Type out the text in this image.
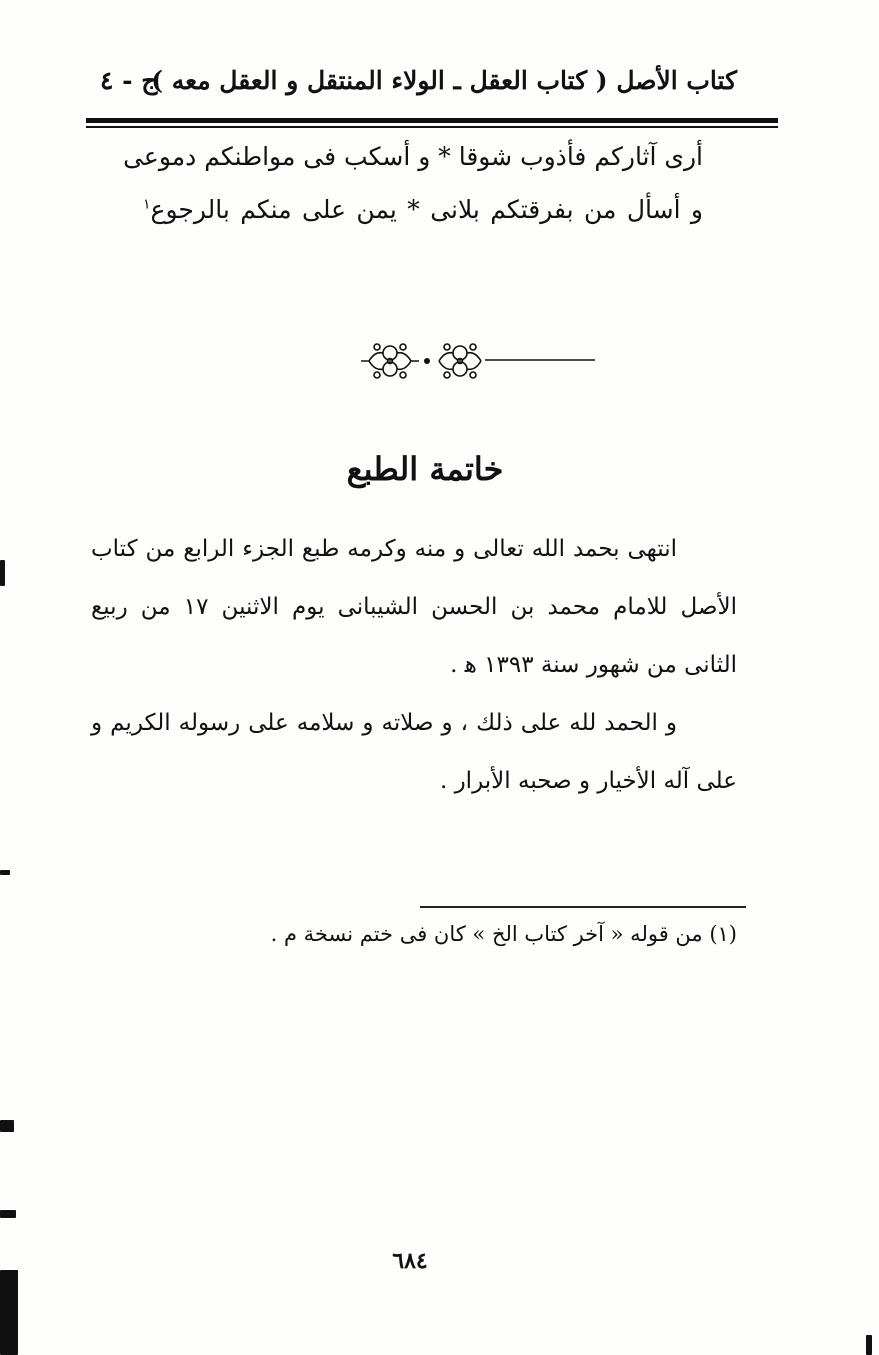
كتاب الأصل ( كتاب العقل ـ الولاء المنتقل و العقل معه )
ج - ٤
أرى آثاركم فأذوب شوقا * و أسكب فى مواطنكم دموعى
و أسأل من بفرقتكم بلانى * يمن على منكم بالرجوع$^١$
خاتمة الطبع
انتهى بحمد الله تعالى و منه وكرمه طبع الجزء الرابع من كتاب الأصل للامام محمد بن الحسن الشيبانى يوم الاثنين ١٧ من ربيع الثانى من شهور سنة ١٣٩٣ ﻫ .
و الحمد لله على ذلك ، و صلاته و سلامه على رسوله الكريم و على آله الأخيار و صحبه الأبرار .
(١) من قوله « آخر كتاب الخ » كان فى ختم نسخة م .
٦٨٤
